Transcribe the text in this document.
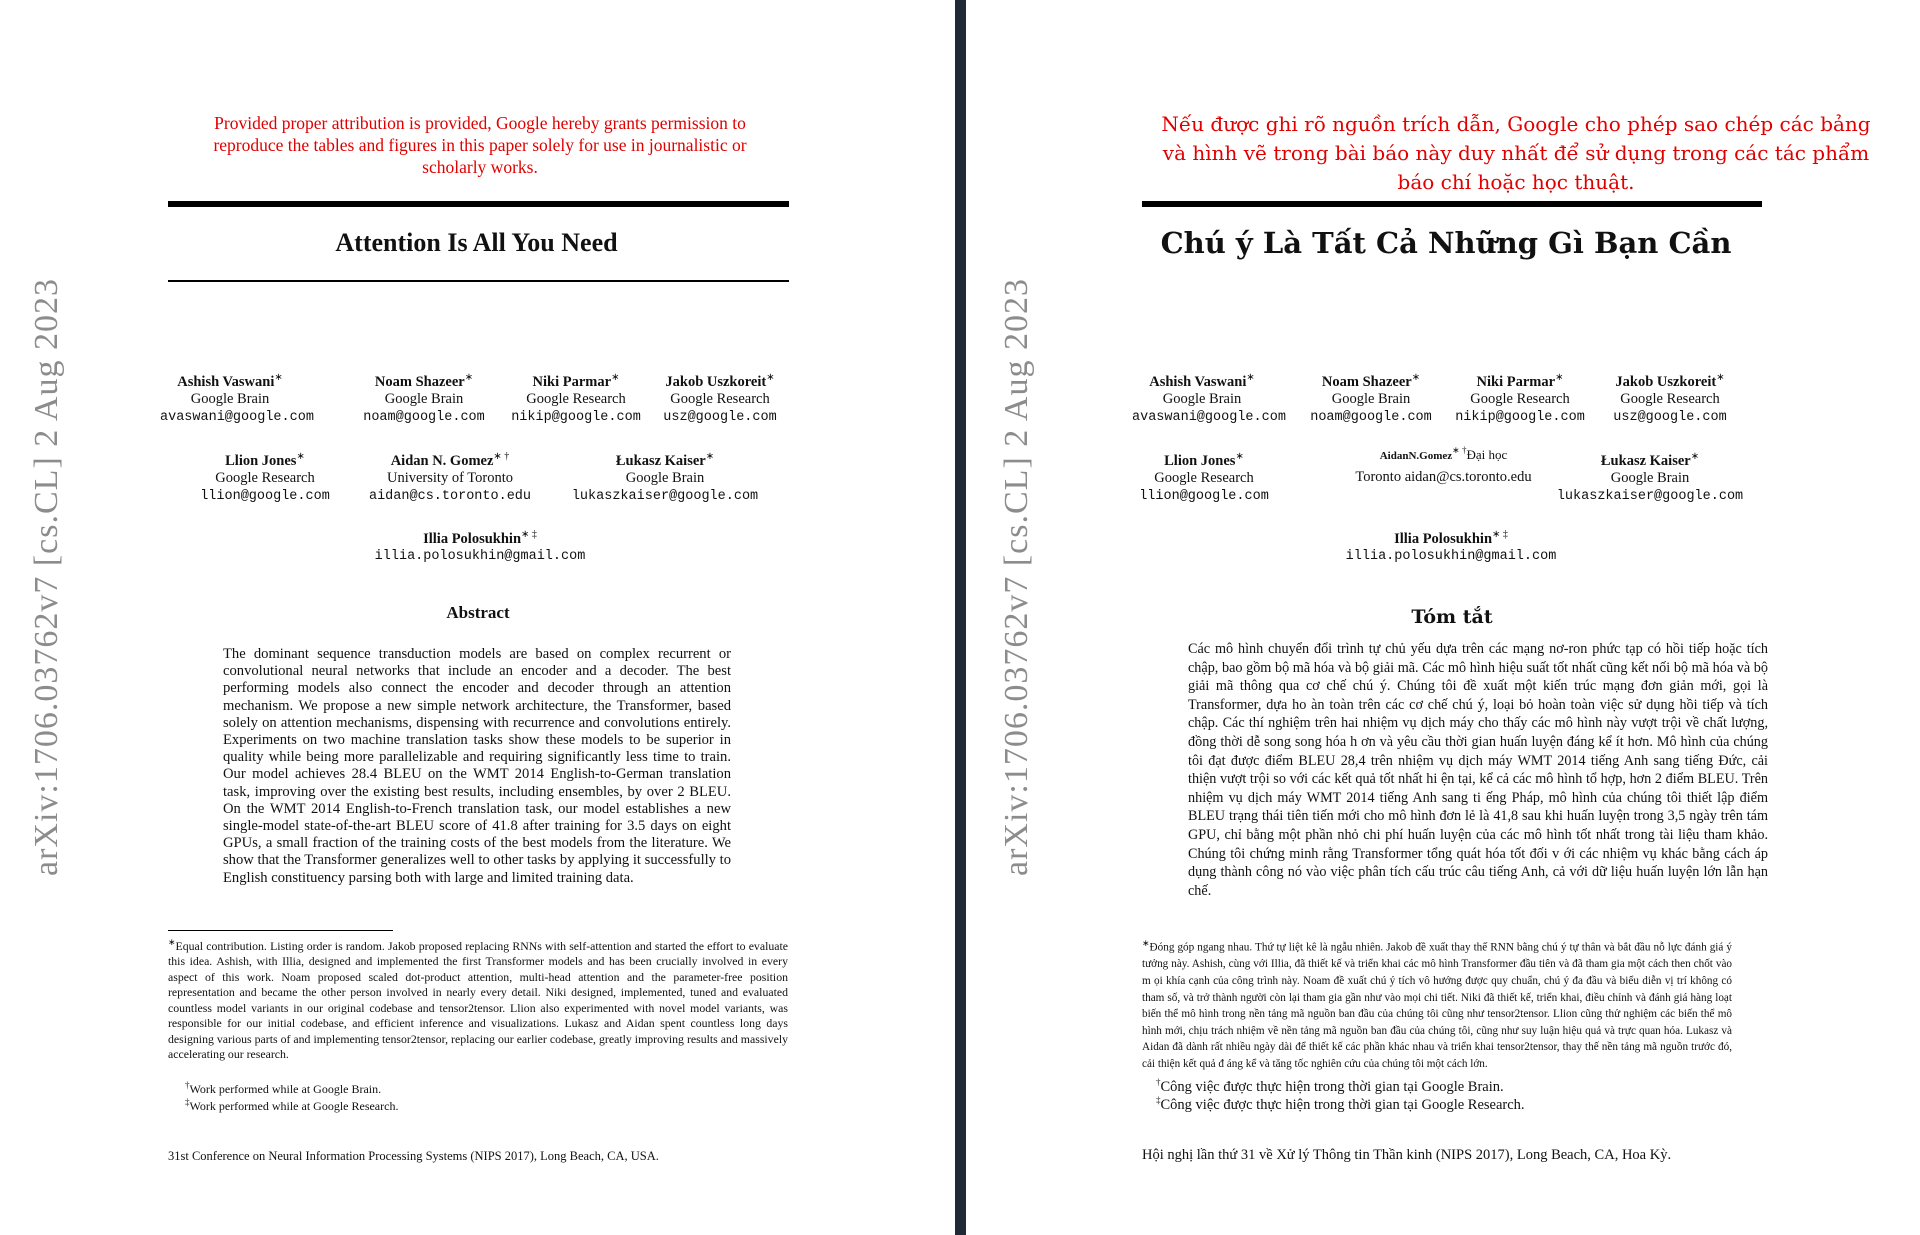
arXiv:1706.03762v7 [cs.CL] 2 Aug 2023
Provided proper attribution is provided, Google hereby grants permission to reproduce the tables and figures in this paper solely for use in journalistic or scholarly works.
Attention Is All You Need
Ashish Vaswani∗
Google Brain
avaswani@google.com
Noam Shazeer∗
Google Brain
noam@google.com
Niki Parmar∗
Google Research
nikip@google.com
Jakob Uszkoreit∗
Google Research
usz@google.com
Llion Jones∗
Google Research
llion@google.com
Aidan N. Gomez∗ †
University of Toronto
aidan@cs.toronto.edu
Łukasz Kaiser∗
Google Brain
lukaszkaiser@google.com
Illia Polosukhin∗ ‡
illia.polosukhin@gmail.com
Abstract
The dominant sequence transduction models are based on complex recurrent or convolutional neural networks that include an encoder and a decoder. The best performing models also connect the encoder and decoder through an attention mechanism. We propose a new simple network architecture, the Transformer, based solely on attention mechanisms, dispensing with recurrence and convolutions entirely. Experiments on two machine translation tasks show these models to be superior in quality while being more parallelizable and requiring significantly less time to train. Our model achieves 28.4 BLEU on the WMT 2014 English-to-German translation task, improving over the existing best results, including ensembles, by over 2 BLEU. On the WMT 2014 English-to-French translation task, our model establishes a new single-model state-of-the-art BLEU score of 41.8 after training for 3.5 days on eight GPUs, a small fraction of the training costs of the best models from the literature. We show that the Transformer generalizes well to other tasks by applying it successfully to English constituency parsing both with large and limited training data.
∗Equal contribution. Listing order is random. Jakob proposed replacing RNNs with self-attention and started the effort to evaluate this idea. Ashish, with Illia, designed and implemented the first Transformer models and has been crucially involved in every aspect of this work. Noam proposed scaled dot-product attention, multi-head attention and the parameter-free position representation and became the other person involved in nearly every detail. Niki designed, implemented, tuned and evaluated countless model variants in our original codebase and tensor2tensor. Llion also experimented with novel model variants, was responsible for our initial codebase, and efficient inference and visualizations. Lukasz and Aidan spent countless long days designing various parts of and implementing tensor2tensor, replacing our earlier codebase, greatly improving results and massively accelerating our research.
†Work performed while at Google Brain.
‡Work performed while at Google Research.
31st Conference on Neural Information Processing Systems (NIPS 2017), Long Beach, CA, USA.
arXiv:1706.03762v7 [cs.CL] 2 Aug 2023
Nếu được ghi rõ nguồn trích dẫn, Google cho phép sao chép các bảng và hình vẽ trong bài báo này duy nhất để sử dụng trong các tác phẩm báo chí hoặc học thuật.
Chú ý Là Tất Cả Những Gì Bạn Cần
Ashish Vaswani∗
Google Brain
avaswani@google.com
Noam Shazeer∗
Google Brain
noam@google.com
Niki Parmar∗
Google Research
nikip@google.com
Jakob Uszkoreit∗
Google Research
usz@google.com
Llion Jones∗
Google Research
llion@google.com
AidanN.Gomez∗ †Đại học
Toronto aidan@cs.toronto.edu
Łukasz Kaiser∗
Google Brain
lukaszkaiser@google.com
Illia Polosukhin∗ ‡
illia.polosukhin@gmail.com
Tóm tắt
Các mô hình chuyển đổi trình tự chủ yếu dựa trên các mạng nơ-ron phức tạp có hồi tiếp hoặc tích chập, bao gồm bộ mã hóa và bộ giải mã. Các mô hình hiệu suất tốt nhất cũng kết nối bộ mã hóa và bộ giải mã thông qua cơ chế chú ý. Chúng tôi đề xuất một kiến trúc mạng đơn giản mới, gọi là Transformer, dựa ho àn toàn trên các cơ chế chú ý, loại bỏ hoàn toàn việc sử dụng hồi tiếp và tích chập. Các thí nghiệm trên hai nhiệm vụ dịch máy cho thấy các mô hình này vượt trội về chất lượng, đồng thời dễ song song hóa h ơn và yêu cầu thời gian huấn luyện đáng kể ít hơn. Mô hình của chúng tôi đạt được điểm BLEU 28,4 trên nhiệm vụ dịch máy WMT 2014 tiếng Anh sang tiếng Đức, cải thiện vượt trội so với các kết quả tốt nhất hi ện tại, kể cả các mô hình tổ hợp, hơn 2 điểm BLEU. Trên nhiệm vụ dịch máy WMT 2014 tiếng Anh sang ti ếng Pháp, mô hình của chúng tôi thiết lập điểm BLEU trạng thái tiên tiến mới cho mô hình đơn lẻ là 41,8 sau khi huấn luyện trong 3,5 ngày trên tám GPU, chỉ bằng một phần nhỏ chi phí huấn luyện của các mô hình tốt nhất trong tài liệu tham khảo. Chúng tôi chứng minh rằng Transformer tổng quát hóa tốt đối v ới các nhiệm vụ khác bằng cách áp dụng thành công nó vào việc phân tích cấu trúc câu tiếng Anh, cả với dữ liệu huấn luyện lớn lẫn hạn chế.
∗Đóng góp ngang nhau. Thứ tự liệt kê là ngẫu nhiên. Jakob đề xuất thay thế RNN bằng chú ý tự thân và bắt đầu nỗ lực đánh giá ý tưởng này. Ashish, cùng với Illia, đã thiết kế và triển khai các mô hình Transformer đầu tiên và đã tham gia một cách then chốt vào m ọi khía cạnh của công trình này. Noam đề xuất chú ý tích vô hướng được quy chuẩn, chú ý đa đầu và biểu diễn vị trí không có tham số, và trở thành người còn lại tham gia gần như vào mọi chi tiết. Niki đã thiết kế, triển khai, điều chỉnh và đánh giá hàng loạt biến thể mô hình trong nền tảng mã nguồn ban đầu của chúng tôi cũng như tensor2tensor. Llion cũng thử nghiệm các biến thể mô hình mới, chịu trách nhiệm về nền tảng mã nguồn ban đầu của chúng tôi, cũng như suy luận hiệu quả và trực quan hóa. Lukasz và Aidan đã dành rất nhiều ngày dài để thiết kế các phần khác nhau và triển khai tensor2tensor, thay thế nền tảng mã nguồn trước đó, cải thiện kết quả đ áng kể và tăng tốc nghiên cứu của chúng tôi một cách lớn.
†Công việc được thực hiện trong thời gian tại Google Brain.
‡Công việc được thực hiện trong thời gian tại Google Research.
Hội nghị lần thứ 31 về Xử lý Thông tin Thần kinh (NIPS 2017), Long Beach, CA, Hoa Kỳ.
